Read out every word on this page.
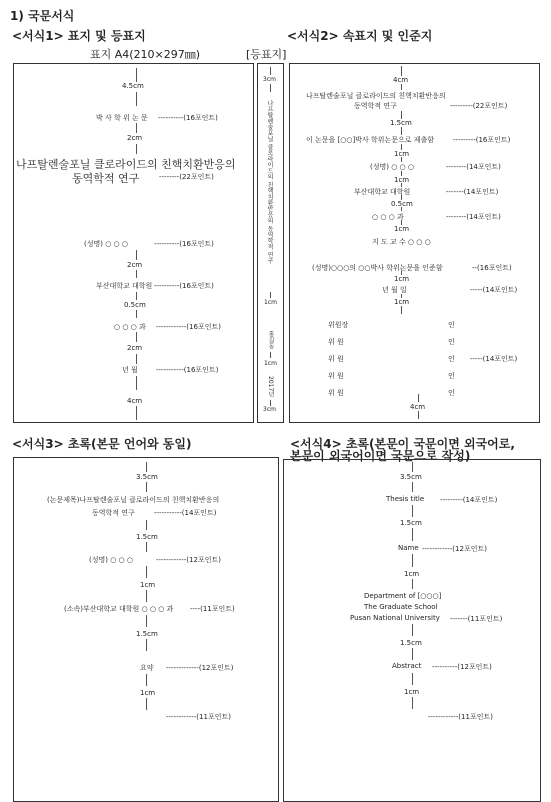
1) 국문서식
<서식1> 표지 및 등표지
표지 A4(210×297㎜)	[등표지]
4.5cm
박 사 학 위 논 문 ----------(16포인트)
2cm
나프탈렌술포닐 클로라이드의 친핵치환반응의
동역학적 연구	--------(22포인트)
(성명) ○ ○ ○	----------(16포인트)
2cm
부산대학교 대학원 ----------(16포인트)
0.5cm
○ ○ ○ 과 ------------(16포인트)
2cm
년 월	-----------(16포인트)
4cm
3cm
나프탈렌술포닐 클로라이드의 친핵치환반응의 동역학적 연구
1cm
홍길동
1cm
2017년
3cm
<서식2> 속표지 및 인준지
4cm
나프탈렌술포닐 클로라이드의 친핵치환반응의
동역학적 연구	---------(22포인트)
1.5cm
이 논문을 [○○]박사 학위논문으로 제출함	---------(16포인트)
1cm
(성명) ○ ○ ○	--------(14포인트)
1cm
부산대학교 대학원	-------(14포인트)
0.5cm
○ ○ ○ 과	--------(14포인트)
1cm
지 도 교 수 ○ ○ ○
(성명)○○○의 ○○박사 학위논문을 인준함	--(16포인트)
1cm
년 월 일	-----(14포인트)
1cm
위원장	인
위 원	인
위 원	인 -----(14포인트)
위 원	인
위 원	인
4cm
<서식3> 초록(본문 언어와 동일)
3.5cm
(논문제목)나프탈렌술포닐 클로라이드의 친핵치환반응의
동역학적 연구	-----------(14포인트)
1.5cm
(성명) ○ ○ ○	------------(12포인트)
1cm
(소속)부산대학교 대학원 ○ ○ ○ 과 ----(11포인트)
1.5cm
요약 -------------(12포인트)
1cm
------------(11포인트)
<서식4> 초록(본문이 국문이면 외국어로,
본문이 외국어이면 국문으로 작성)
3.5cm
Thesis title ---------(14포인트)
1.5cm
Name ------------(12포인트)
1cm
Department of [○○○]
The Graduate School
Pusan National University -------(11포인트)
1.5cm
Abstract ----------(12포인트)
1cm
------------(11포인트)
